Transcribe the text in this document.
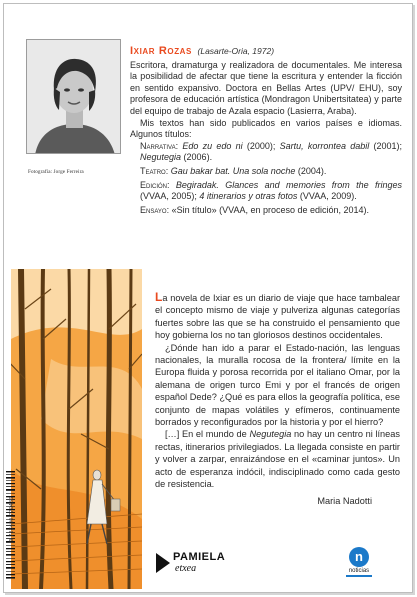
Fotografía: Jorge Ferreira
Ixiar Rozas (Lasarte-Oria, 1972)

Escritora, dramaturga y realizadora de documentales. Me interesa la posibilidad de afectar que tiene la escritura y entender la ficción en sentido expansivo. Doctora en Bellas Artes (UPV/ EHU), soy profesora de educación artística (Mondragon Unibertsitatea) y parte del equipo de trabajo de Azala espacio (Lasierra, Araba).

Mis textos han sido publicados en varios países e idiomas. Algunos títulos:

Narrativa: Edo zu edo ni (2000); Sartu, korrontea dabil (2001); Negutegia (2006).

Teatro: Gau bakar bat. Una sola noche (2004).

Edición: Begiradak. Glances and memories from the fringes (VVAA, 2005); 4 itinerarios y otras fotos (VVAA, 2009).

Ensayo: «Sin título» (VVAA, en proceso de edición, 2014).

La novela de Ixiar es un diario de viaje que hace tambalear el concepto mismo de viaje y pulveriza algunas categorías fuertes sobre las que se ha construido el pensamiento que hoy gobierna los no tan gloriosos destinos occidentales.

¿Dónde han ido a parar el Estado-nación, las lenguas nacionales, la muralla rocosa de la frontera/ límite en la Europa fluida y porosa recorrida por el italiano Omar, por la alemana de origen turco Emi y por el francés de origen español Dede? ¿Qué es para ellos la geografía política, ese conjunto de mapas volátiles y efímeros, continuamente borrados y reconfigurados por la historia y por el hierro?

[…] En el mundo de Negutegia no hay un centro ni líneas rectas, itinerarios privilegiados. La llegada consiste en partir y volver a zarpar, enraizándose en el «caminar juntos». Un acto de esperanza indócil, indisciplinado como cada gesto de resistencia.

Maria Nadotti

9 788490 770436
PAMIELA
etxea
n
noticias
